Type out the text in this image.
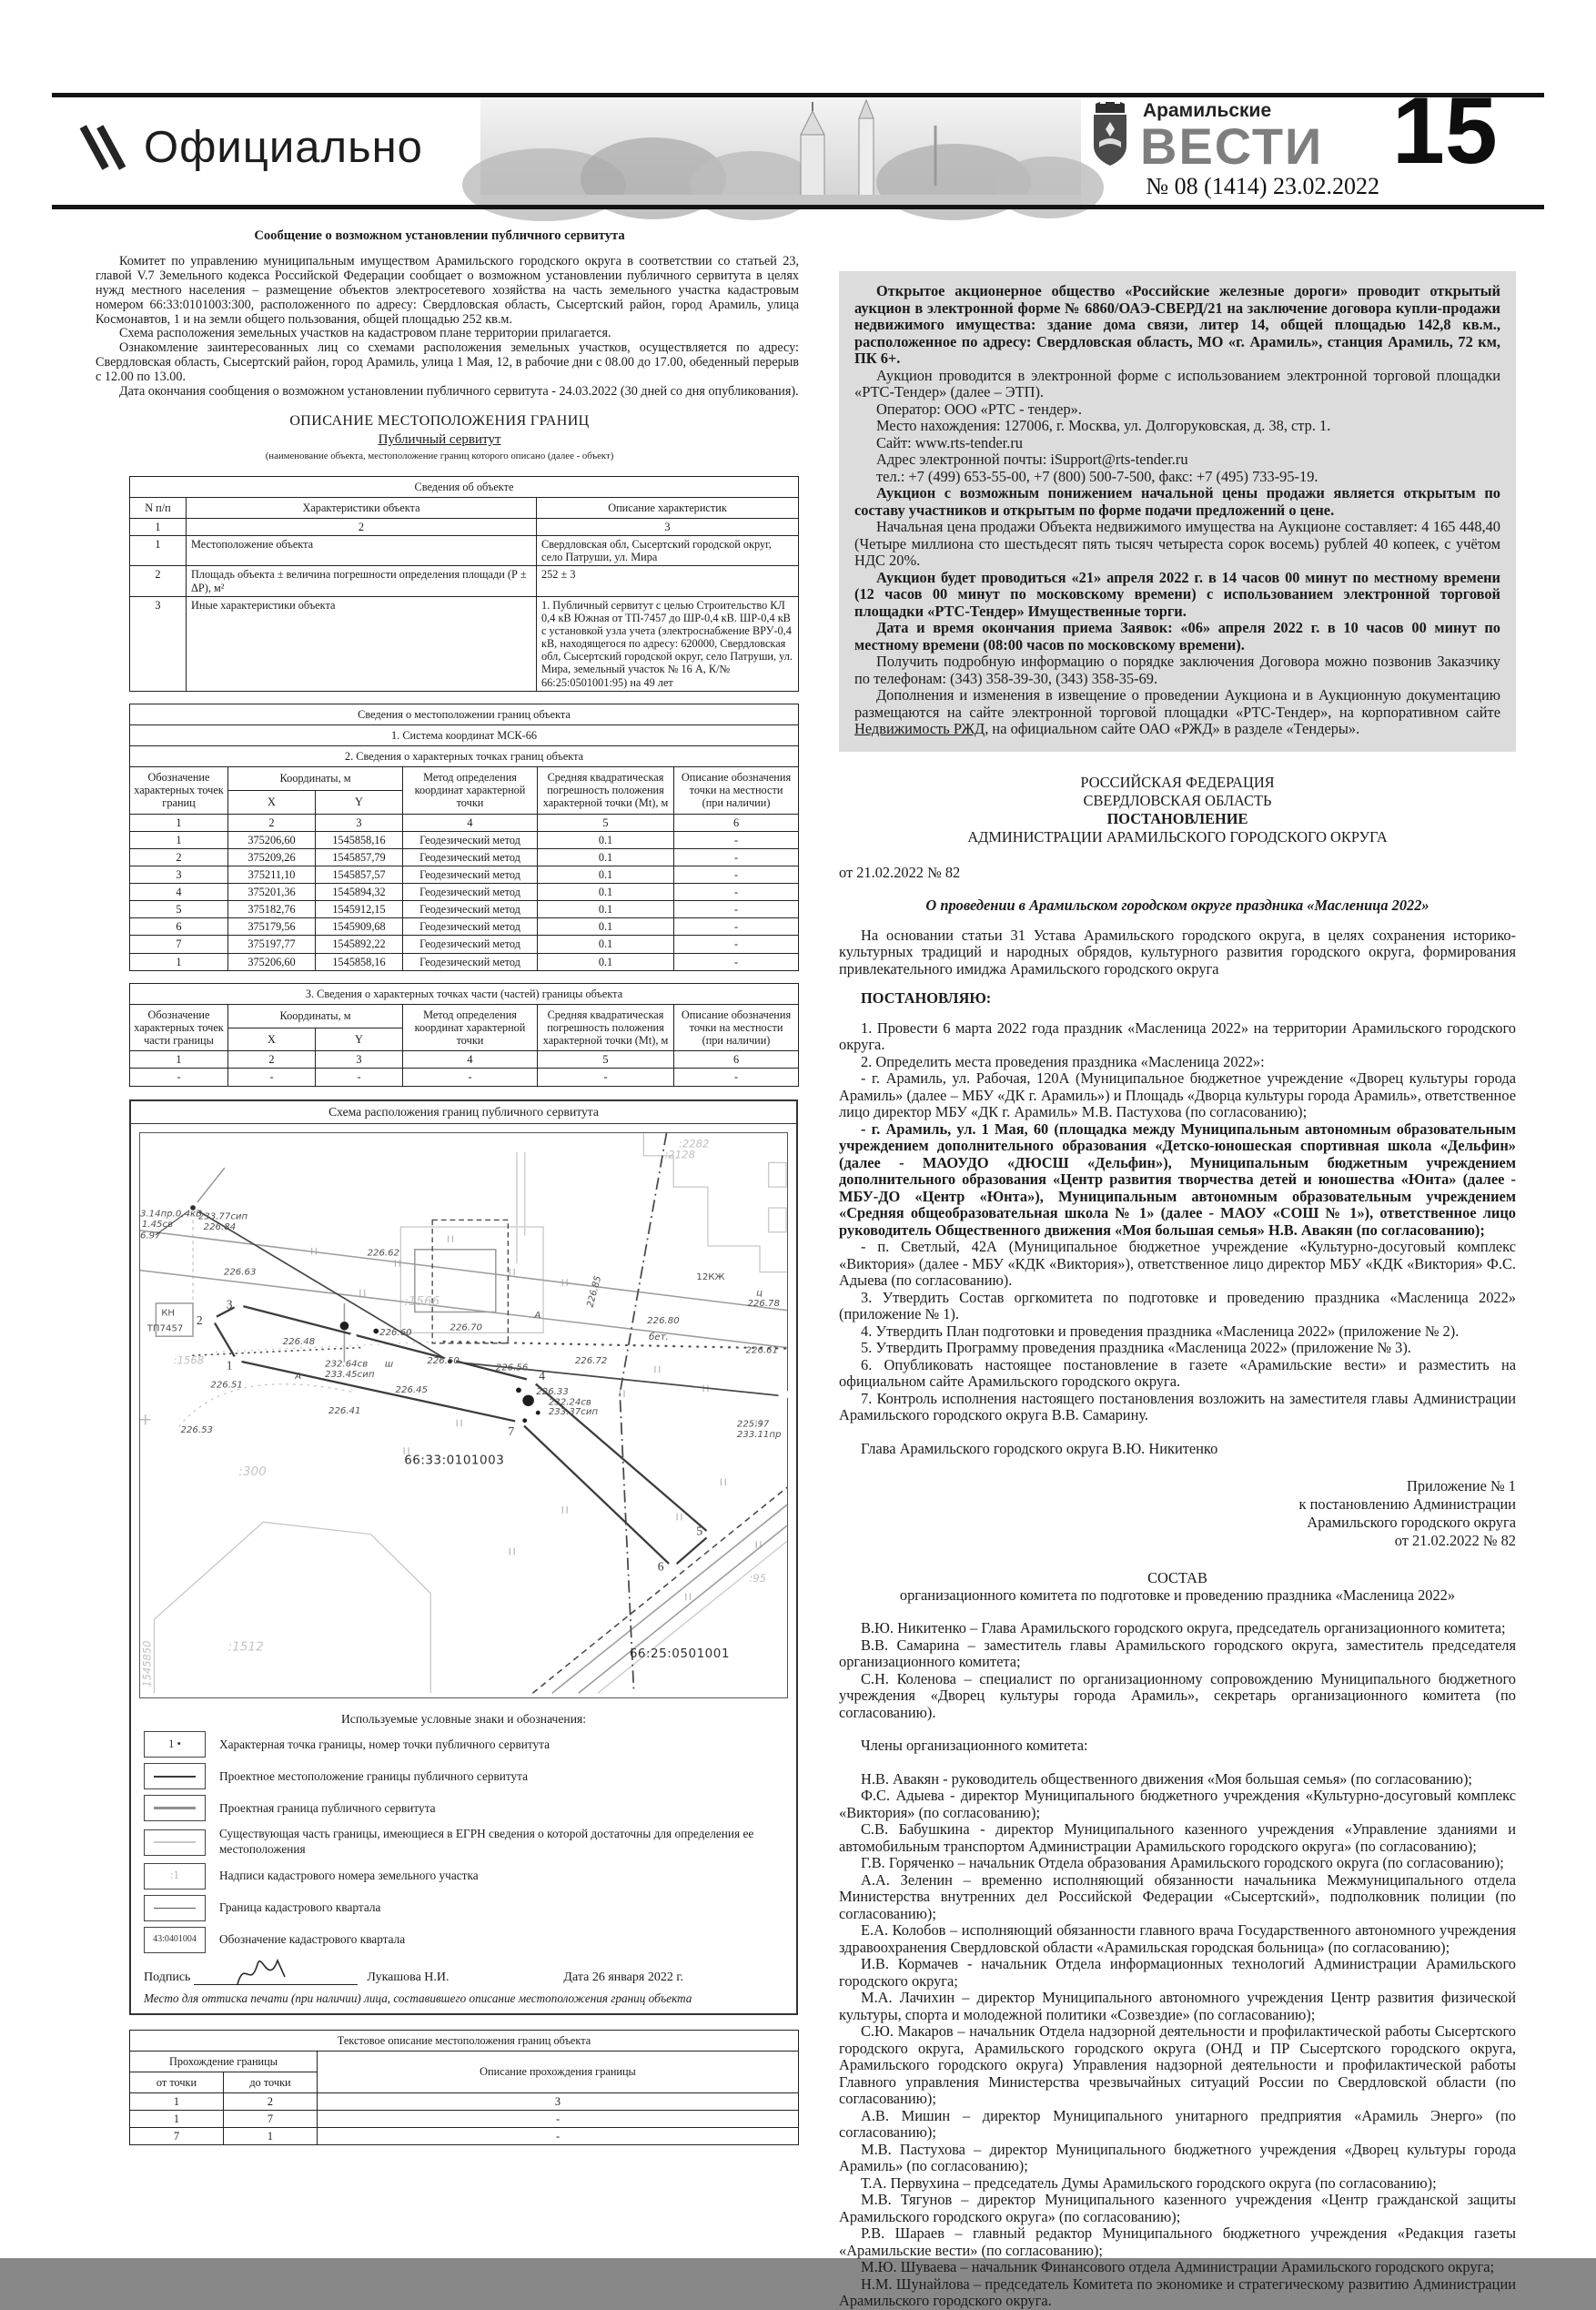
Официально
Арамильские
ВЕСТИ 15
№ 08 (1414) 23.02.2022
Сообщение о возможном установлении публичного сервитута

Комитет по управлению муниципальным имуществом Арамильского городского округа в соответствии со статьей 23, главой V.7 Земельного кодекса Российской Федерации сообщает о возможном установлении публичного сервитута в целях нужд местного населения – размещение объектов электросетевого хозяйства на часть земельного участка кадастровым номером 66:33:0101003:300, расположенного по адресу: Свердловская область, Сысертский район, город Арамиль, улица Космонавтов, 1 и на земли общего пользования, общей площадью 252 кв.м.

Схема расположения земельных участков на кадастровом плане территории прилагается.

Ознакомление заинтересованных лиц со схемами расположения земельных участков, осуществляется по адресу: Свердловская область, Сысертский район, город Арамиль, улица 1 Мая, 12, в рабочие дни с 08.00 до 17.00, обеденный перерыв с 12.00 по 13.00.

Дата окончания сообщения о возможном установлении публичного сервитута - 24.03.2022 (30 дней со дня опубликования).

ОПИСАНИЕ МЕСТОПОЛОЖЕНИЯ ГРАНИЦ
Публичный сервитут
(наименование объекта, местоположение границ которого описано (далее - объект)
Сведения об объекте		
N п/п	Характеристики объекта	Описание характеристик
1	2	3
1	Местоположение объекта	Свердловская обл, Сысертский городской округ, село Патруши, ул. Мира
2	Площадь объекта ± величина погрешности определения площади (Р ± ΔР), м²	252 ± 3
3	Иные характеристики объекта	1. Публичный сервитут с целью Строительство КЛ 0,4 кВ Южная от ТП-7457 до ШР-0,4 кВ. ШР-0,4 кВ с установкой узла учета (электроснабжение ВРУ-0,4 кВ, находящегося по адресу: 620000, Свердловская обл, Сысертский городской округ, село Патруши, ул. Мира, земельный участок № 16 А, К/№ 66:25:0501001:95) на 49 лет
Сведения о местоположении границ объекта					
1. Система координат МСК-66					
2. Сведения о характерных точках границ объекта					
Обозначение характерных точек границ	Координаты, м		Метод определения координат характерной точки	Средняя квадратическая погрешность положения характерной точки (Мt), м	Описание обозначения точки на местности (при наличии)
	X	Y			
1	2	3	4	5	6
1	375206,60	1545858,16	Геодезический метод	0.1	-
2	375209,26	1545857,79	Геодезический метод	0.1	-
3	375211,10	1545857,57	Геодезический метод	0.1	-
4	375201,36	1545894,32	Геодезический метод	0.1	-
5	375182,76	1545912,15	Геодезический метод	0.1	-
6	375179,56	1545909,68	Геодезический метод	0.1	-
7	375197,77	1545892,22	Геодезический метод	0.1	-
1	375206,60	1545858,16	Геодезический метод	0.1	-
3. Сведения о характерных точках части (частей) границы объекта					
Обозначение характерных точек части границы	Координаты, м		Метод определения координат характерной точки	Средняя квадратическая погрешность положения характерной точки (Мt), м	Описание обозначения точки на местности (при наличии)
	X	Y			
1	2	3	4	5	6
-	-	-	-	-	-
Схема расположения границ публичного сервитута
233.77сип
226.84
3.14пр.0,4кВ
1.45св
6.97
226.63
226.62
:1566
226.60
226.70
ТП7457
КН
2
3
1
226.48
А
А
232.64св
233.45сип
ш	226.50
226.45
226.41
226.51
226.53
226.56
226.72
226.85
226.80
ц
226.78
бет.
226.61
12КЖ
:2282
:2128
4
226.33
232.24св
233.37сип
7
66:33:0101003
:300
225.97
233.11пр
5
6
:95
:1512
66:25:0501001
1545850
:1568
Используемые условные знаки и обозначения:
1 •	Характерная точка границы, номер точки публичного сервитута
Проектное местоположение границы публичного сервитута
Проектная граница публичного сервитута
Существующая часть границы, имеющиеся в ЕГРН сведения о которой достаточны для определения ее местоположения
:1	Надписи кадастрового номера земельного участка
Граница кадастрового квартала
43:0401004	Обозначение кадастрового квартала
Подпись	Лукашова Н.И.	Дата 26 января 2022 г.
Место для оттиска печати (при наличии) лица, составившего описание местоположения границ объекта
Текстовое описание местоположения границ объекта		
Прохождение границы		Описание прохождения границы
от точки	до точки	
1	2	3
1	7	-
7	1	-

Открытое акционерное общество «Российские железные дороги» проводит открытый аукцион в электронной форме № 6860/ОАЭ-СВЕРД/21 на заключение договора купли-продажи недвижимого имущества: здание дома связи, литер 14, общей площадью 142,8 кв.м., расположенное по адресу: Свердловская область, МО «г. Арамиль», станция Арамиль, 72 км, ПК 6+.

Аукцион проводится в электронной форме с использованием электронной торговой площадки «РТС-Тендер» (далее – ЭТП).

Оператор: ООО «РТС - тендер».

Место нахождения: 127006, г. Москва, ул. Долгоруковская, д. 38, стр. 1.

Сайт: www.rts-tender.ru

Адрес электронной почты: iSupport@rts-tender.ru

тел.: +7 (499) 653-55-00, +7 (800) 500-7-500, факс: +7 (495) 733-95-19.

Аукцион с возможным понижением начальной цены продажи является открытым по составу участников и открытым по форме подачи предложений о цене.

Начальная цена продажи Объекта недвижимого имущества на Аукционе составляет: 4 165 448,40 (Четыре миллиона сто шестьдесят пять тысяч четыреста сорок восемь) рублей 40 копеек, с учётом НДС 20%.

Аукцион будет проводиться «21» апреля 2022 г. в 14 часов 00 минут по местному времени (12 часов 00 минут по московскому времени) с использованием электронной торговой площадки «РТС-Тендер» Имущественные торги.

Дата и время окончания приема Заявок: «06» апреля 2022 г. в 10 часов 00 минут по местному времени (08:00 часов по московскому времени).

Получить подробную информацию о порядке заключения Договора можно позвонив Заказчику по телефонам: (343) 358-39-30, (343) 358-35-69.

Дополнения и изменения в извещение о проведении Аукциона и в Аукционную документацию размещаются на сайте электронной торговой площадки «РТС-Тендер», на корпоративном сайте Недвижимость РЖД, на официальном сайте ОАО «РЖД» в разделе «Тендеры».

РОССИЙСКАЯ ФЕДЕРАЦИЯ
СВЕРДЛОВСКАЯ ОБЛАСТЬ
ПОСТАНОВЛЕНИЕ
АДМИНИСТРАЦИИ АРАМИЛЬСКОГО ГОРОДСКОГО ОКРУГА
от 21.02.2022 № 82
О проведении в Арамильском городском округе праздника «Масленица 2022»

На основании статьи 31 Устава Арамильского городского округа, в целях сохранения историко-культурных традиций и народных обрядов, культурного развития городского округа, формирования привлекательного имиджа Арамильского городского округа

ПОСТАНОВЛЯЮ:

1. Провести 6 марта 2022 года праздник «Масленица 2022» на территории Арамильского городского округа.

2. Определить места проведения праздника «Масленица 2022»:

- г. Арамиль, ул. Рабочая, 120А (Муниципальное бюджетное учреждение «Дворец культуры города Арамиль» (далее – МБУ «ДК г. Арамиль») и Площадь «Дворца культуры города Арамиль», ответственное лицо директор МБУ «ДК г. Арамиль» М.В. Пастухова (по согласованию);

- г. Арамиль, ул. 1 Мая, 60 (площадка между Муниципальным автономным образовательным учреждением дополнительного образования «Детско-юношеская спортивная школа «Дельфин» (далее - МАОУДО «ДЮСШ «Дельфин»), Муниципальным бюджетным учреждением дополнительного образования «Центр развития творчества детей и юношества «Юнта» (далее - МБУ-ДО «Центр «Юнта»), Муниципальным автономным образовательным учреждением «Средняя общеобразовательная школа № 1» (далее - МАОУ «СОШ № 1»), ответственное лицо руководитель Общественного движения «Моя большая семья» Н.В. Авакян (по согласованию);

- п. Светлый, 42А (Муниципальное бюджетное учреждение «Культурно-досуговый комплекс «Виктория» (далее - МБУ «КДК «Виктория»), ответственное лицо директор МБУ «КДК «Виктория» Ф.С. Адыева (по согласованию).

3. Утвердить Состав оргкомитета по подготовке и проведению праздника «Масленица 2022» (приложение № 1).

4. Утвердить План подготовки и проведения праздника «Масленица 2022» (приложение № 2).

5. Утвердить Программу проведения праздника «Масленица 2022» (приложение № 3).

6. Опубликовать настоящее постановление в газете «Арамильские вести» и разместить на официальном сайте Арамильского городского округа.

7. Контроль исполнения настоящего постановления возложить на заместителя главы Администрации Арамильского городского округа В.В. Самарину.

Глава Арамильского городского округа В.Ю. Никитенко

Приложение № 1
к постановлению Администрации
Арамильского городского округа
от 21.02.2022 № 82
СОСТАВ
организационного комитета по подготовке и проведению праздника «Масленица 2022»

В.Ю. Никитенко – Глава Арамильского городского округа, председатель организационного комитета;

В.В. Самарина – заместитель главы Арамильского городского округа, заместитель председателя организационного комитета;

С.Н. Коленова – специалист по организационному сопровождению Муниципального бюджетного учреждения «Дворец культуры города Арамиль», секретарь организационного комитета (по согласованию).

Члены организационного комитета:

Н.В. Авакян - руководитель общественного движения «Моя большая семья» (по согласованию);

Ф.С. Адыева - директор Муниципального бюджетного учреждения «Культурно-досуговый комплекс «Виктория» (по согласованию);

С.В. Бабушкина - директор Муниципального казенного учреждения «Управление зданиями и автомобильным транспортом Администрации Арамильского городского округа» (по согласованию);

Г.В. Горяченко – начальник Отдела образования Арамильского городского округа (по согласованию);

А.А. Зеленин – временно исполняющий обязанности начальника Межмуниципального отдела Министерства внутренних дел Российской Федерации «Сысертский», подполковник полиции (по согласованию);

Е.А. Колобов – исполняющий обязанности главного врача Государственного автономного учреждения здравоохранения Свердловской области «Арамильская городская больница» (по согласованию);

И.В. Кормачев - начальник Отдела информационных технологий Администрации Арамильского городского округа;

М.А. Лачихин – директор Муниципального автономного учреждения Центр развития физической культуры, спорта и молодежной политики «Созвездие» (по согласованию);

С.Ю. Макаров – начальник Отдела надзорной деятельности и профилактической работы Сысертского городского округа, Арамильского городского округа (ОНД и ПР Сысертского городского округа, Арамильского городского округа) Управления надзорной деятельности и профилактической работы Главного управления Министерства чрезвычайных ситуаций России по Свердловской области (по согласованию);

А.В. Мишин – директор Муниципального унитарного предприятия «Арамиль Энерго» (по согласованию);

М.В. Пастухова – директор Муниципального бюджетного учреждения «Дворец культуры города Арамиль» (по согласованию);

Т.А. Первухина – председатель Думы Арамильского городского округа (по согласованию);

М.В. Тягунов – директор Муниципального казенного учреждения «Центр гражданской защиты Арамильского городского округа» (по согласованию);

Р.В. Шараев – главный редактор Муниципального бюджетного учреждения «Редакция газеты «Арамильские вести» (по согласованию);

М.Ю. Шуваева – начальник Финансового отдела Администрации Арамильского городского округа;

Н.М. Шунайлова – председатель Комитета по экономике и стратегическому развитию Администрации Арамильского городского округа.
